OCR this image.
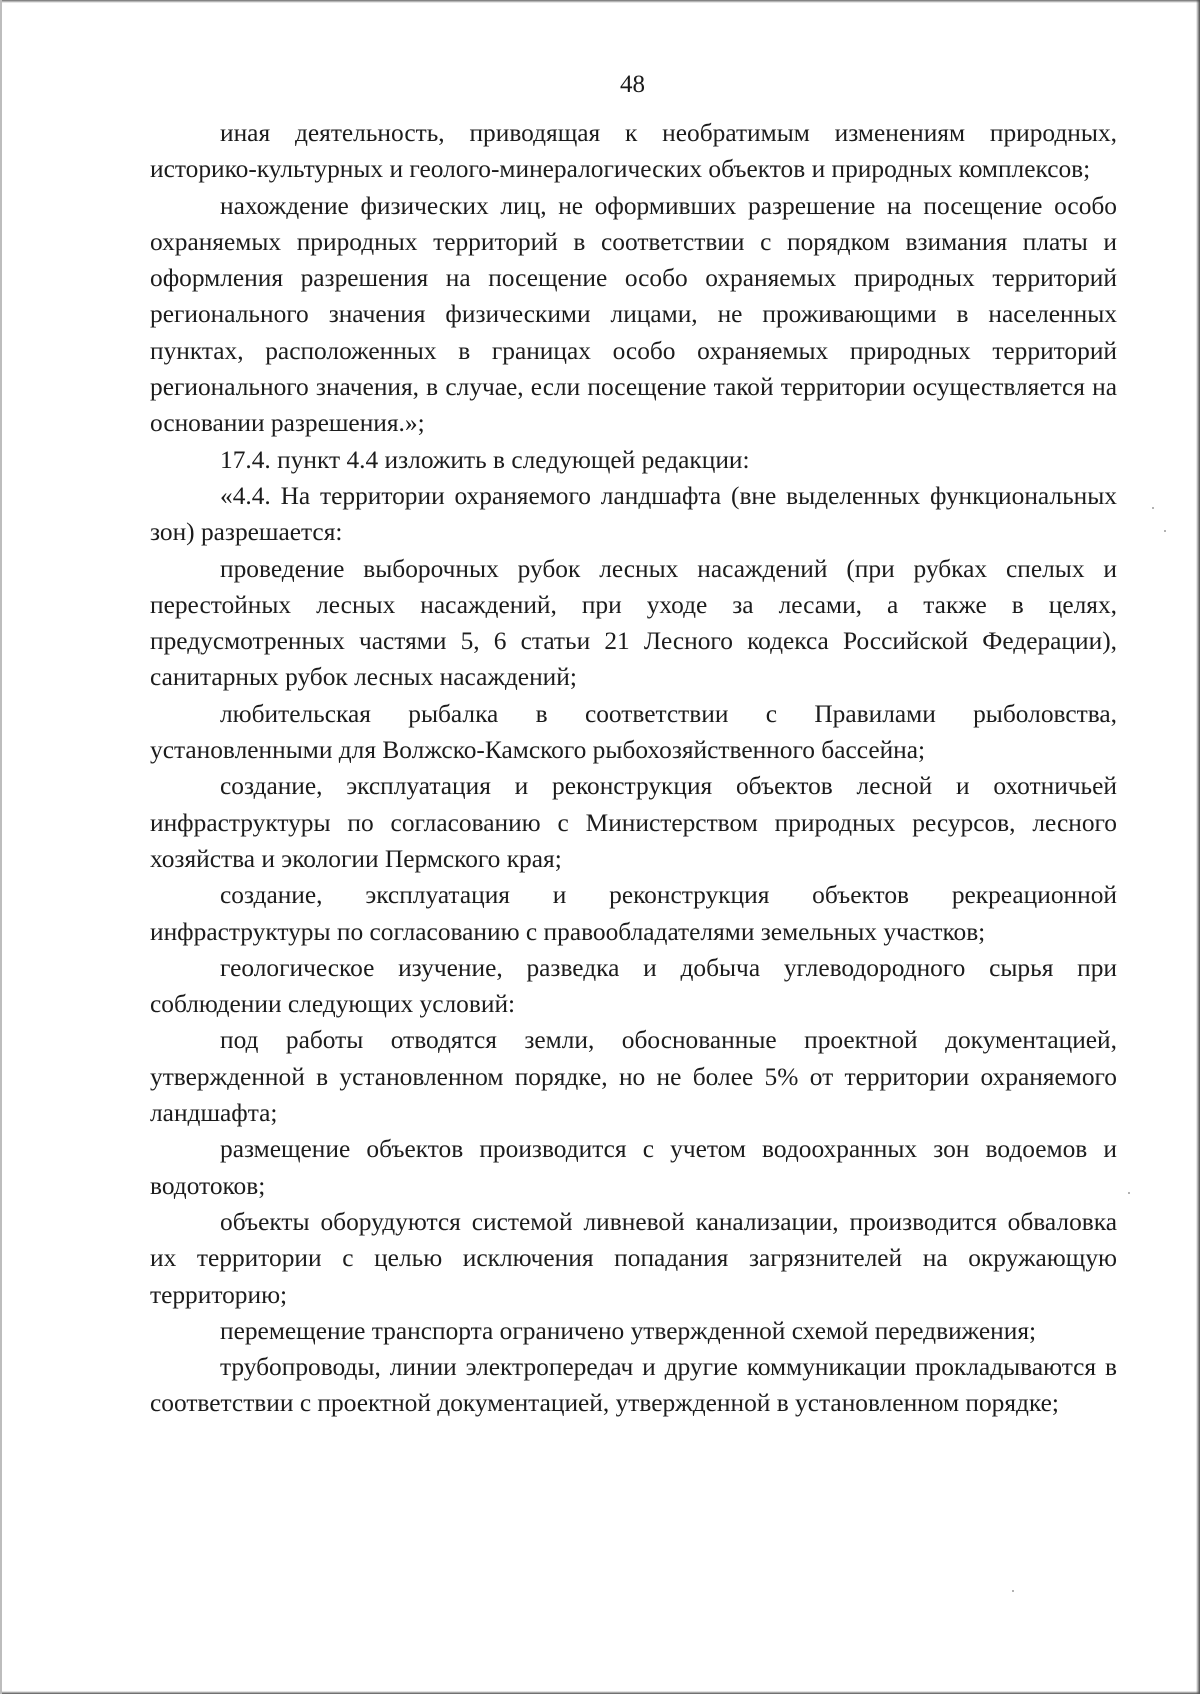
48

иная деятельность, приводящая к необратимым изменениям природных, историко-культурных и геолого-минералогических объектов и природных комплексов;

нахождение физических лиц, не оформивших разрешение на посещение особо охраняемых природных территорий в соответствии с порядком взимания платы и оформления разрешения на посещение особо охраняемых природных территорий регионального значения физическими лицами, не проживающими в населенных пунктах, расположенных в границах особо охраняемых природных территорий регионального значения, в случае, если посещение такой территории осуществляется на основании разрешения.»;

17.4. пункт 4.4 изложить в следующей редакции:

«4.4. На территории охраняемого ландшафта (вне выделенных функциональных зон) разрешается:

проведение выборочных рубок лесных насаждений (при рубках спелых и перестойных лесных насаждений, при уходе за лесами, а также в целях, предусмотренных частями 5, 6 статьи 21 Лесного кодекса Российской Федерации), санитарных рубок лесных насаждений;

любительская рыбалка в соответствии с Правилами рыболовства, установленными для Волжско-Камского рыбохозяйственного бассейна;

создание, эксплуатация и реконструкция объектов лесной и охотничьей инфраструктуры по согласованию с Министерством природных ресурсов, лесного хозяйства и экологии Пермского края;

создание, эксплуатация и реконструкция объектов рекреационной инфраструктуры по согласованию с правообладателями земельных участков;

геологическое изучение, разведка и добыча углеводородного сырья при соблюдении следующих условий:

под работы отводятся земли, обоснованные проектной документацией, утвержденной в установленном порядке, но не более 5% от территории охраняемого ландшафта;

размещение объектов производится с учетом водоохранных зон водоемов и водотоков;

объекты оборудуются системой ливневой канализации, производится обваловка их территории с целью исключения попадания загрязнителей на окружающую территорию;

перемещение транспорта ограничено утвержденной схемой передвижения;

трубопроводы, линии электропередач и другие коммуникации прокладываются в соответствии с проектной документацией, утвержденной в установленном порядке;
